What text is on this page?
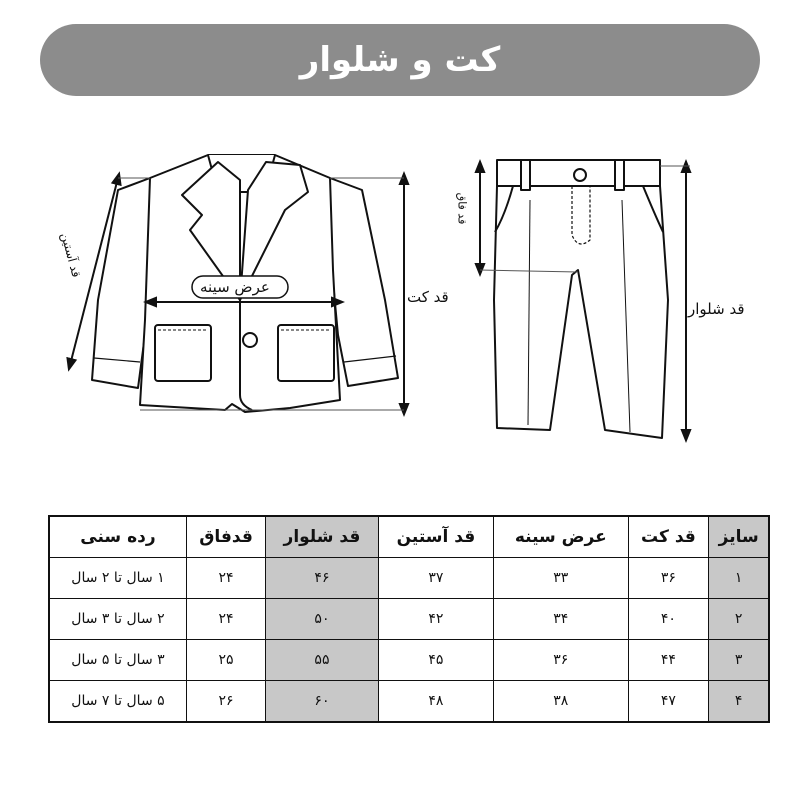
کت و شلوار
عرض سینه
قد کت
قد آستین
قد شلوار
قد فاق
سایز	قد کت	عرض سینه	قد آستین	قد شلوار	قدفاق	رده سنی
۱	۳۶	۳۳	۳۷	۴۶	۲۴	۱ سال تا ۲ سال
۲	۴۰	۳۴	۴۲	۵۰	۲۴	۲ سال تا ۳ سال
۳	۴۴	۳۶	۴۵	۵۵	۲۵	۳ سال تا ۵ سال
۴	۴۷	۳۸	۴۸	۶۰	۲۶	۵ سال تا ۷ سال
